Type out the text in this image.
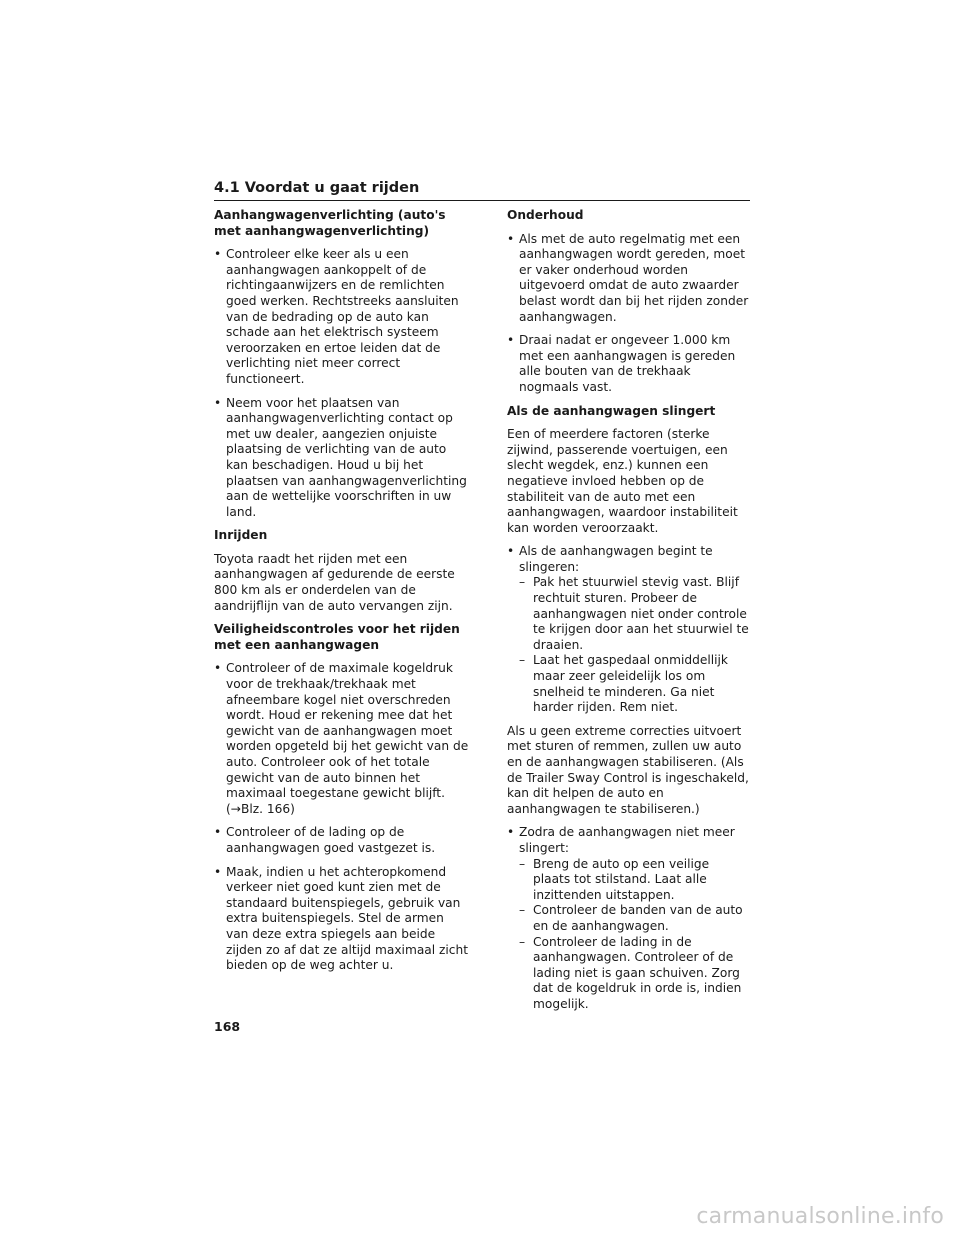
4.1 Voordat u gaat rijden
Aanhangwagenverlichting (auto's met aanhangwagenverlichting)
• Controleer elke keer als u een aanhangwagen aankoppelt of de richtingaanwijzers en de remlichten goed werken. Rechtstreeks aansluiten van de bedrading op de auto kan schade aan het elektrisch systeem veroorzaken en ertoe leiden dat de verlichting niet meer correct functioneert.
• Neem voor het plaatsen van aanhangwagenverlichting contact op met uw dealer, aangezien onjuiste plaatsing de verlichting van de auto kan beschadigen. Houd u bij het plaatsen van aanhangwagenverlichting aan de wettelijke voorschriften in uw land.
Inrijden
Toyota raadt het rijden met een aanhangwagen af gedurende de eerste 800 km als er onderdelen van de aandrijflijn van de auto vervangen zijn.
Veiligheidscontroles voor het rijden met een aanhangwagen
• Controleer of de maximale kogeldruk voor de trekhaak/trekhaak met afneembare kogel niet overschreden wordt. Houd er rekening mee dat het gewicht van de aanhangwagen moet worden opgeteld bij het gewicht van de auto. Controleer ook of het totale gewicht van de auto binnen het maximaal toegestane gewicht blijft. (→Blz. 166)
• Controleer of de lading op de aanhangwagen goed vastgezet is.
• Maak, indien u het achteropkomend verkeer niet goed kunt zien met de standaard buitenspiegels, gebruik van extra buitenspiegels. Stel de armen van deze extra spiegels aan beide zijden zo af dat ze altijd maximaal zicht bieden op de weg achter u.
Onderhoud
• Als met de auto regelmatig met een aanhangwagen wordt gereden, moet er vaker onderhoud worden uitgevoerd omdat de auto zwaarder belast wordt dan bij het rijden zonder aanhangwagen.
• Draai nadat er ongeveer 1.000 km met een aanhangwagen is gereden alle bouten van de trekhaak nogmaals vast.
Als de aanhangwagen slingert
Een of meerdere factoren (sterke zijwind, passerende voertuigen, een slecht wegdek, enz.) kunnen een negatieve invloed hebben op de stabiliteit van de auto met een aanhangwagen, waardoor instabiliteit kan worden veroorzaakt.
• Als de aanhangwagen begint te slingeren:
– Pak het stuurwiel stevig vast. Blijf rechtuit sturen. Probeer de aanhangwagen niet onder controle te krijgen door aan het stuurwiel te draaien.
– Laat het gaspedaal onmiddellijk maar zeer geleidelijk los om snelheid te minderen. Ga niet harder rijden. Rem niet.
Als u geen extreme correcties uitvoert met sturen of remmen, zullen uw auto en de aanhangwagen stabiliseren. (Als de Trailer Sway Control is ingeschakeld, kan dit helpen de auto en aanhangwagen te stabiliseren.)
• Zodra de aanhangwagen niet meer slingert:
– Breng de auto op een veilige plaats tot stilstand. Laat alle inzittenden uitstappen.
– Controleer de banden van de auto en de aanhangwagen.
– Controleer de lading in de aanhangwagen. Controleer of de lading niet is gaan schuiven. Zorg dat de kogeldruk in orde is, indien mogelijk.
168
carmanualsonline.info
